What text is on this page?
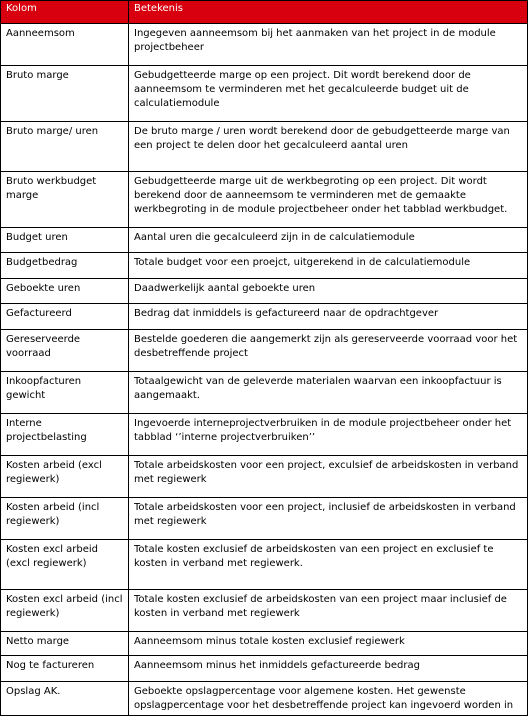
Kolom	Betekenis
Aanneemsom	Ingegeven aanneemsom bij het aanmaken van het project in de module projectbeheer
Bruto marge	Gebudgetteerde marge op een project. Dit wordt berekend door de aanneemsom te verminderen met het gecalculeerde budget uit de calculatiemodule
Bruto marge/ uren	De bruto marge / uren wordt berekend door de gebudgetteerde marge van een project te delen door het gecalculeerd aantal uren
Bruto werkbudget marge	Gebudgetteerde marge uit de werkbegroting op een project. Dit wordt berekend door de aanneemsom te verminderen met de gemaakte werkbegroting in de module projectbeheer onder het tabblad werkbudget.
Budget uren	Aantal uren die gecalculeerd zijn in de calculatiemodule
Budgetbedrag	Totale budget voor een proejct, uitgerekend in de calculatiemodule
Geboekte uren	Daadwerkelijk aantal geboekte uren
Gefactureerd	Bedrag dat inmiddels is gefactureerd naar de opdrachtgever
Gereserveerde voorraad	Bestelde goederen die aangemerkt zijn als gereserveerde voorraad voor het desbetreffende project
Inkoopfacturen gewicht	Totaalgewicht van de geleverde materialen waarvan een inkoopfactuur is aangemaakt.
Interne projectbelasting	Ingevoerde interneprojectverbruiken in de module projectbeheer onder het tabblad ‘’interne projectverbruiken’’
Kosten arbeid (excl regiewerk)	Totale arbeidskosten voor een project, exculsief de arbeidskosten in verband met regiewerk
Kosten arbeid (incl regiewerk)	Totale arbeidskosten voor een project, inclusief de arbeidskosten in verband met regiewerk
Kosten excl arbeid (excl regiewerk)	Totale kosten exclusief de arbeidskosten van een project en exclusief te kosten in verband met regiewerk.
Kosten excl arbeid (incl regiewerk)	Totale kosten exclusief de arbeidskosten van een project maar inclusief de kosten in verband met regiewerk
Netto marge	Aanneemsom minus totale kosten exclusief regiewerk
Nog te factureren	Aanneemsom minus het inmiddels gefactureerde bedrag
Opslag AK.	Geboekte opslagpercentage voor algemene kosten. Het gewenste opslagpercentage voor het desbetreffende project kan ingevoerd worden in
